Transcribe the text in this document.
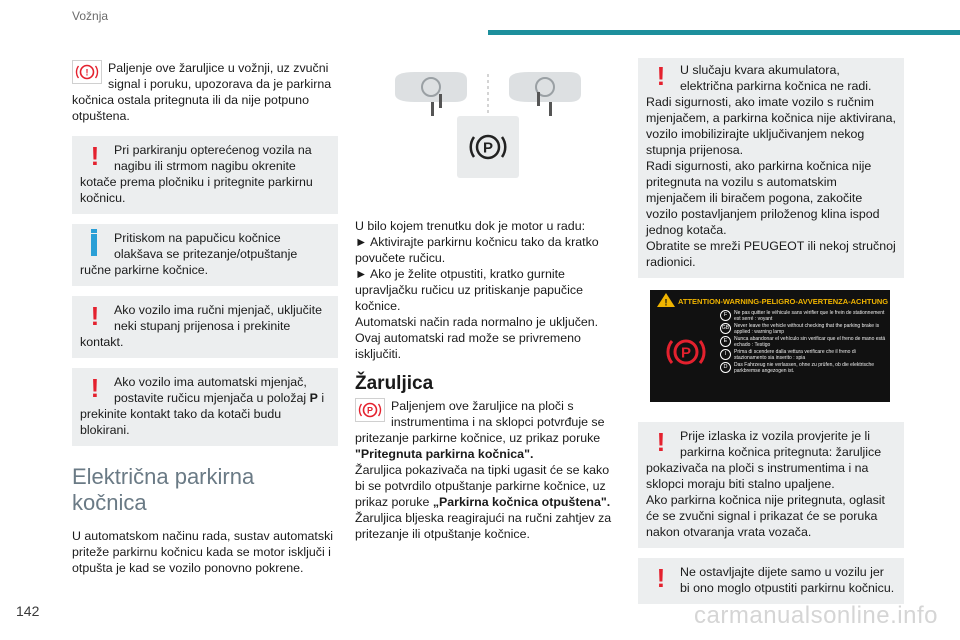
Vožnja
! Paljenje ove žaruljice u vožnji, uz zvučni signal i poruku, upozorava da je parkirna kočnica ostala pritegnuta ili da nije potpuno otpuštena.
!	Pri parkiranju opterećenog vozila na nagibu ili strmom nagibu okrenite kotače prema pločniku i pritegnite parkirnu kočnicu.
Pritiskom na papučicu kočnice olakšava se pritezanje/otpuštanje ručne parkirne kočnice.
!	Ako vozilo ima ručni mjenjač, uključite neki stupanj prijenosa i prekinite kontakt.
!	Ako vozilo ima automatski mjenjač, postavite ručicu mjenjača u položaj P i prekinite kontakt tako da kotači budu blokirani.
Električna parkirna kočnica
U automatskom načinu rada, sustav automatski priteže parkirnu kočnicu kada se motor isključi i otpušta je kad se vozilo ponovno pokrene.
P
U bilo kojem trenutku dok je motor u radu:
► Aktivirajte parkirnu kočnicu tako da kratko povučete ručicu.
► Ako je želite otpustiti, kratko gurnite upravljačku ručicu uz pritiskanje papučice kočnice.
Automatski način rada normalno je uključen. Ovaj automatski rad može se privremeno isključiti.
Žaruljica
P Paljenjem ove žaruljice na ploči s instrumentima i na sklopci potvrđuje se pritezanje parkirne kočnice, uz prikaz poruke "Pritegnuta parkirna kočnica".
Žaruljica pokazivača na tipki ugasit će se kako bi se potvrdilo otpuštanje parkirne kočnice, uz prikaz poruke „Parkirna kočnica otpuštena".
Žaruljica bljeska reagirajući na ručni zahtjev za pritezanje ili otpuštanje kočnice.
!	U slučaju kvara akumulatora, električna parkirna kočnica ne radi.
Radi sigurnosti, ako imate vozilo s ručnim mjenjačem, a parkirna kočnica nije aktivirana, vozilo imobilizirajte uključivanjem nekog stupnja prijenosa.
Radi sigurnosti, ako parkirna kočnica nije pritegnuta na vozilu s automatskim mjenjačem ili biračem pogona, zakočite vozilo postavljanjem priloženog klina ispod jednog kotača.
Obratite se mreži PEUGEOT ili nekoj stručnoj radionici.
ATTENTION-WARNING-PELIGRO-AVVERTENZA-ACHTUNG
!
P
F	Ne pas quitter le véhicule sans vérifier que le frein de stationnement est serré : voyant
GB Never leave the vehicle without checking that the parking brake is applied : warning lamp
E	Nunca abandonar el vehículo sin verificar que el freno de mano está echado : Testigo
I	Prima di scendere dalla vettura verificare che il freno di stazionamento sia inserito : spia
D	Das Fahrzeug nie verlassen, ohne zu prüfen, ob die elektrische parkbremse angezogen ist.
!	Prije izlaska iz vozila provjerite je li parkirna kočnica pritegnuta: žaruljice pokazivača na ploči s instrumentima i na sklopci moraju biti stalno upaljene.
Ako parkirna kočnica nije pritegnuta, oglasit će se zvučni signal i prikazat će se poruka nakon otvaranja vrata vozača.
!	Ne ostavljajte dijete samo u vozilu jer bi ono moglo otpustiti parkirnu kočnicu.
142	carmanualsonline.info
